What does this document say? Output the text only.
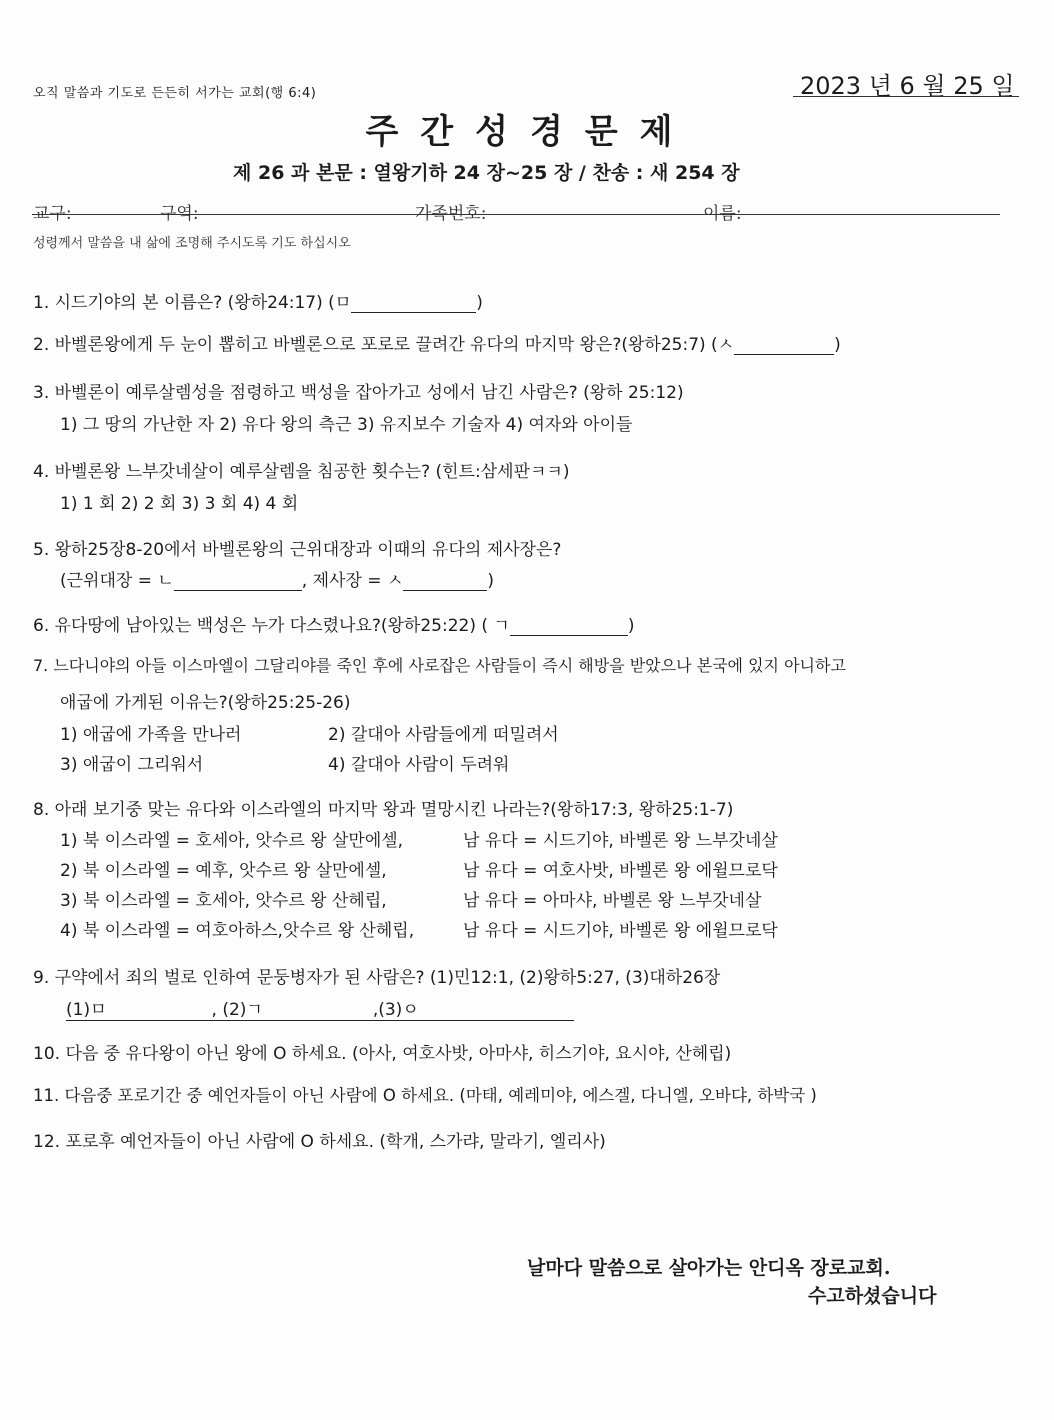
오직 말씀과 기도로 든든히 서가는 교회(행 6:4)	2023 년 6 월 25 일
주간성경문제
제 26 과 본문 : 열왕기하 24 장~25 장 / 찬송 : 새 254 장
교구:	구역:	가족번호:	이름:
성령께서 말씀을 내 삶에 조명해 주시도록 기도 하십시오
1. 시드기야의 본 이름은? (왕하24:17) (ㅁ	)
2. 바벨론왕에게 두 눈이 뽑히고 바벨론으로 포로로 끌려간 유다의 마지막 왕은?(왕하25:7) (ㅅ	)
3. 바벨론이 예루살렘성을 점령하고 백성을 잡아가고 성에서 남긴 사람은? (왕하 25:12)
1) 그 땅의 가난한 자 2) 유다 왕의 측근 3) 유지보수 기술자 4) 여자와 아이들
4. 바벨론왕 느부갓네살이 예루살렘을 침공한 횟수는? (힌트:삼세판ㅋㅋ)
1) 1 회 2) 2 회 3) 3 회 4) 4 회
5. 왕하25장8-20에서 바벨론왕의 근위대장과 이때의 유다의 제사장은?
(근위대장 = ㄴ	, 제사장 = ㅅ	)
6. 유다땅에 남아있는 백성은 누가 다스렸나요?(왕하25:22) ( ㄱ	)
7. 느다니야의 아들 이스마엘이 그달리야를 죽인 후에 사로잡은 사람들이 즉시 해방을 받았으나 본국에 있지 아니하고
애굽에 가게된 이유는?(왕하25:25-26)
1) 애굽에 가족을 만나러	2) 갈대아 사람들에게 떠밀려서
3) 애굽이 그리워서	4) 갈대아 사람이 두려워
8. 아래 보기중 맞는 유다와 이스라엘의 마지막 왕과 멸망시킨 나라는?(왕하17:3, 왕하25:1-7)
1) 북 이스라엘 = 호세아, 앗수르 왕 살만에셀,	남 유다 = 시드기야, 바벨론 왕 느부갓네살
2) 북 이스라엘 = 예후, 앗수르 왕 살만에셀,	남 유다 = 여호사밧, 바벨론 왕 에윌므로닥
3) 북 이스라엘 = 호세아, 앗수르 왕 산헤립,	남 유다 = 아마샤, 바벨론 왕 느부갓네살
4) 북 이스라엘 = 여호아하스,앗수르 왕 산헤립,	남 유다 = 시드기야, 바벨론 왕 에윌므로닥
9. 구약에서 죄의 벌로 인하여 문둥병자가 된 사람은? (1)민12:1, (2)왕하5:27, (3)대하26장
(1)ㅁ	, (2)ㄱ	,(3)ㅇ
10. 다음 중 유다왕이 아닌 왕에 O 하세요. (아사, 여호사밧, 아마샤, 히스기야, 요시야, 산헤립)
11. 다음중 포로기간 중 예언자들이 아닌 사람에 O 하세요. (마태, 예레미야, 에스겔, 다니엘, 오바댜, 하박국 )
12. 포로후 예언자들이 아닌 사람에 O 하세요. (학개, 스가랴, 말라기, 엘리사)
날마다 말씀으로 살아가는 안디옥 장로교회.
수고하셨습니다
